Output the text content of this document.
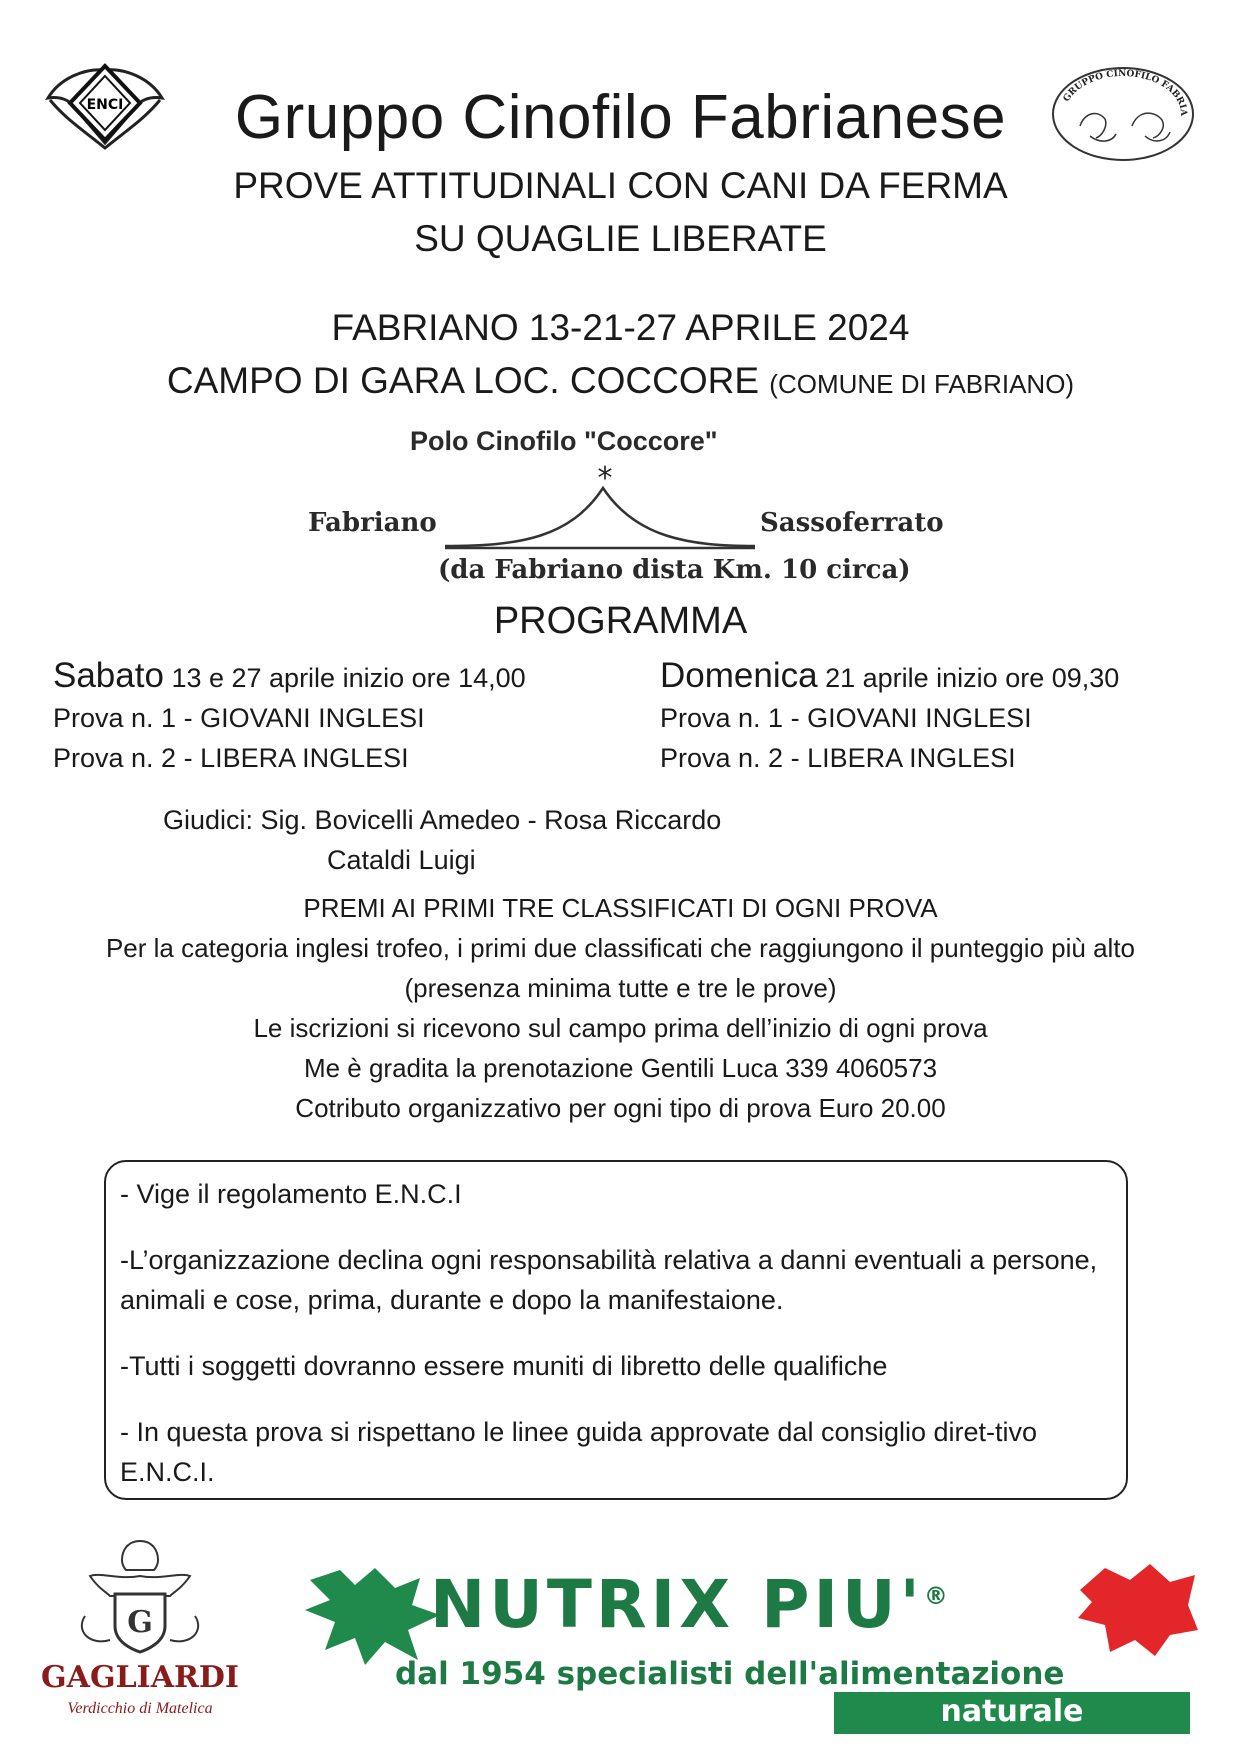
ENCI	Gruppo Cinofilo Fabrianese	GRUPPO CINOFILO FABRIA
PROVE ATTITUDINALI CON CANI DA FERMA
SU QUAGLIE LIBERATE
FABRIANO 13-21-27 APRILE 2024
CAMPO DI GARA LOC. COCCORE (COMUNE DI FABRIANO)
Polo Cinofilo "Coccore"
*
Fabriano	Sassoferrato
(da Fabriano dista Km. 10 circa)
PROGRAMMA
Sabato 13 e 27 aprile inizio ore 14,00
Prova n. 1 - GIOVANI INGLESI
Prova n. 2 - LIBERA INGLESI
Domenica 21 aprile inizio ore 09,30
Prova n. 1 - GIOVANI INGLESI
Prova n. 2 - LIBERA INGLESI
Giudici: Sig. Bovicelli Amedeo - Rosa Riccardo
Cataldi Luigi
PREMI AI PRIMI TRE CLASSIFICATI DI OGNI PROVA
Per la categoria inglesi trofeo, i primi due classificati che raggiungono il punteggio più alto
(presenza minima tutte e tre le prove)
Le iscrizioni si ricevono sul campo prima dell’inizio di ogni prova
Me è gradita la prenotazione Gentili Luca 339 4060573
Cotributo organizzativo per ogni tipo di prova Euro 20.00

- Vige il regolamento E.N.C.I

-L’organizzazione declina ogni responsabilità relativa a danni eventuali a persone, animali e cose, prima, durante e dopo la manifestaione.

-Tutti i soggetti dovranno essere muniti di libretto delle qualifiche

- In questa prova si rispettano le linee guida approvate dal consiglio diret-tivo E.N.C.I.

G
GAGLIARDI
Verdicchio di Matelica
NUTRIX PIU'®
dal 1954 specialisti dell'alimentazione
naturale
